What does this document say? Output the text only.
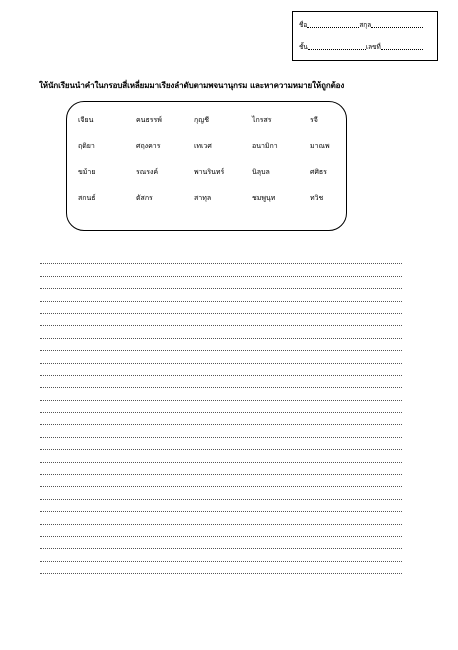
ชื่อ	สกุล
ชั้น	เลขที่
ให้นักเรียนนำคำในกรอบสี่เหลี่ยมมาเรียงลำดับตามพจนานุกรม และหาความหมายให้ถูกต้อง
เจียน	คนธรรพ์	กุญชี	ไกรสร	รจี
ฤดิยา	ศฤงคาร	เทเวศ	อนามิกา	มาณพ
ขม้าย	รณรงค์	พานรินทร์	นิลุบล	ศศิธร
สกนธ์	ตัสกร	สาทุล	ชมพูนุท	ทวิช
